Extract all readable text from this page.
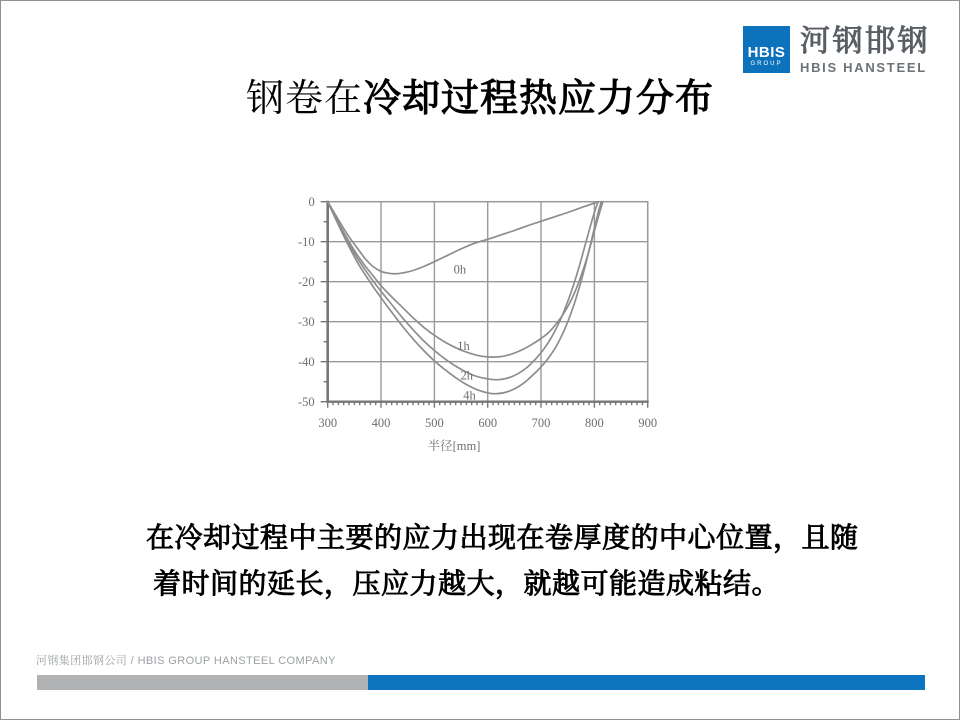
HBIS
GROUP
河钢邯钢
HBIS HANSTEEL
钢卷在冷却过程热应力分布
300	400	500	600	700	800	900
0
-10
-20
-30
-40
-50
半径[mm]
0h
1h
2h
4h
在冷却过程中主要的应力出现在卷厚度的中心位置，且随
着时间的延长，压应力越大，就越可能造成粘结。
河钢集团邯钢公司 / HBIS GROUP HANSTEEL COMPANY
